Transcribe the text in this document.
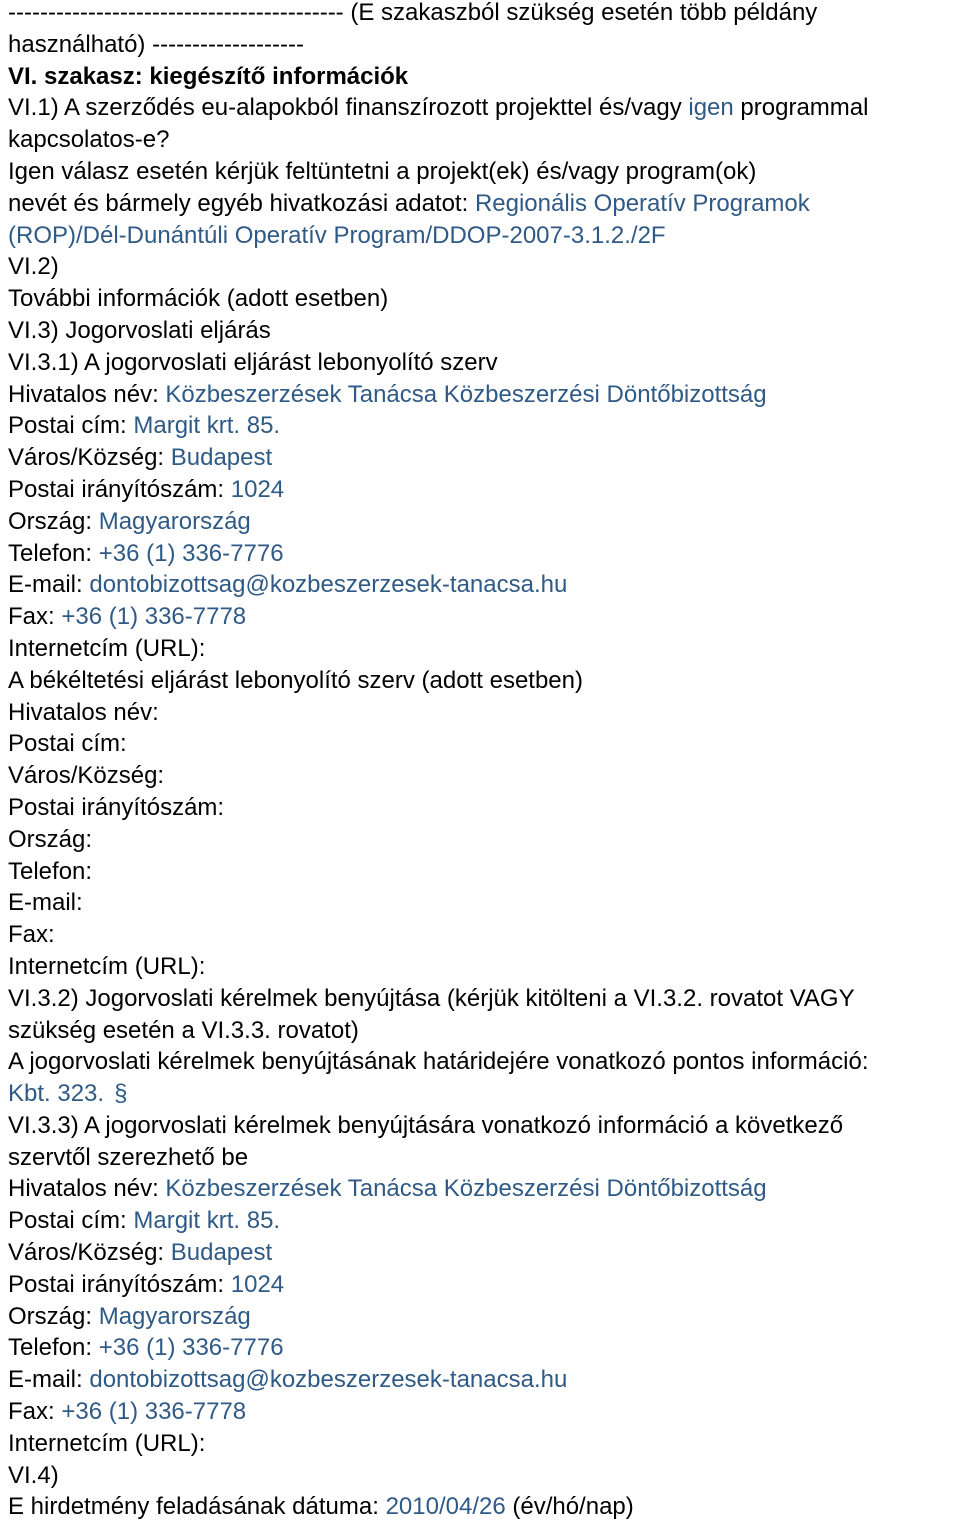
------------------------------------------ (E szakaszból szükség esetén több példány
használható) -------------------
VI. szakasz: kiegészítő információk
VI.1) A szerződés eu-alapokból finanszírozott projekttel és/vagy igen programmal
kapcsolatos-e?
Igen válasz esetén kérjük feltüntetni a projekt(ek) és/vagy program(ok)
nevét és bármely egyéb hivatkozási adatot: Regionális Operatív Programok
(ROP)/Dél-Dunántúli Operatív Program/DDOP-2007-3.1.2./2F
VI.2)
További információk (adott esetben)
VI.3) Jogorvoslati eljárás
VI.3.1) A jogorvoslati eljárást lebonyolító szerv
Hivatalos név: Közbeszerzések Tanácsa Közbeszerzési Döntőbizottság
Postai cím: Margit krt. 85.
Város/Község: Budapest
Postai irányítószám: 1024
Ország: Magyarország
Telefon: +36 (1) 336-7776
E-mail: dontobizottsag@kozbeszerzesek-tanacsa.hu
Fax: +36 (1) 336-7778
Internetcím (URL):
A békéltetési eljárást lebonyolító szerv (adott esetben)
Hivatalos név:
Postai cím:
Város/Község:
Postai irányítószám:
Ország:
Telefon:
E-mail:
Fax:
Internetcím (URL):
VI.3.2) Jogorvoslati kérelmek benyújtása (kérjük kitölteni a VI.3.2. rovatot VAGY
szükség esetén a VI.3.3. rovatot)
A jogorvoslati kérelmek benyújtásának határidejére vonatkozó pontos információ:
Kbt. 323. §
VI.3.3) A jogorvoslati kérelmek benyújtására vonatkozó információ a következő
szervtől szerezhető be
Hivatalos név: Közbeszerzések Tanácsa Közbeszerzési Döntőbizottság
Postai cím: Margit krt. 85.
Város/Község: Budapest
Postai irányítószám: 1024
Ország: Magyarország
Telefon: +36 (1) 336-7776
E-mail: dontobizottsag@kozbeszerzesek-tanacsa.hu
Fax: +36 (1) 336-7778
Internetcím (URL):
VI.4)
E hirdetmény feladásának dátuma: 2010/04/26 (év/hó/nap)
